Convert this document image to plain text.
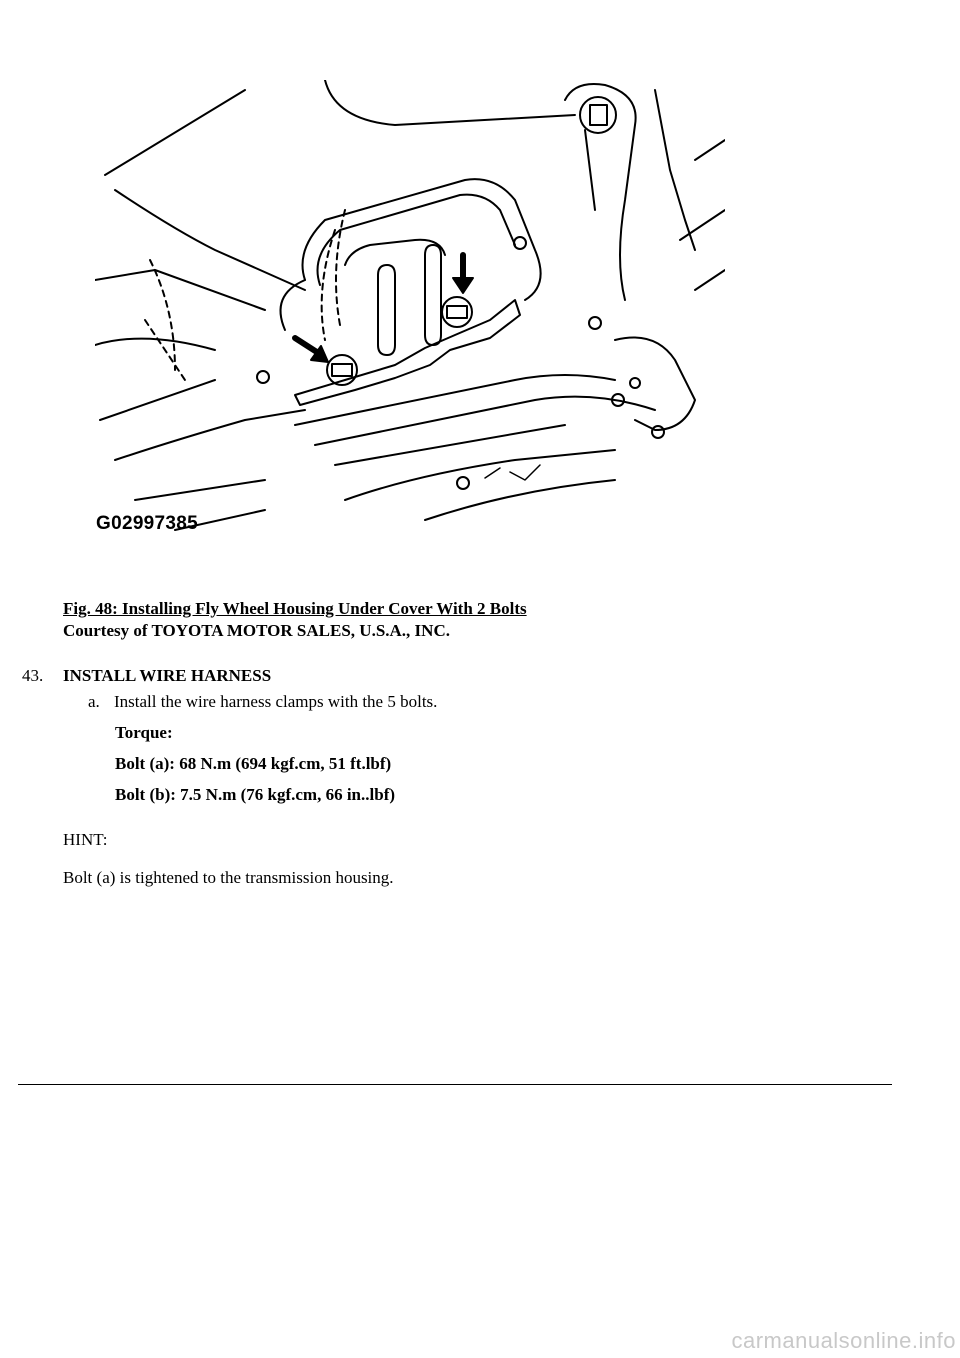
G02997385
Fig. 48: Installing Fly Wheel Housing Under Cover With 2 Bolts
Courtesy of TOYOTA MOTOR SALES, U.S.A., INC.
43. INSTALL WIRE HARNESS
a. Install the wire harness clamps with the 5 bolts.
Torque:
Bolt (a): 68 N.m (694 kgf.cm, 51 ft.lbf)
Bolt (b): 7.5 N.m (76 kgf.cm, 66 in..lbf)
HINT:
Bolt (a) is tightened to the transmission housing.
carmanualsonline.info
